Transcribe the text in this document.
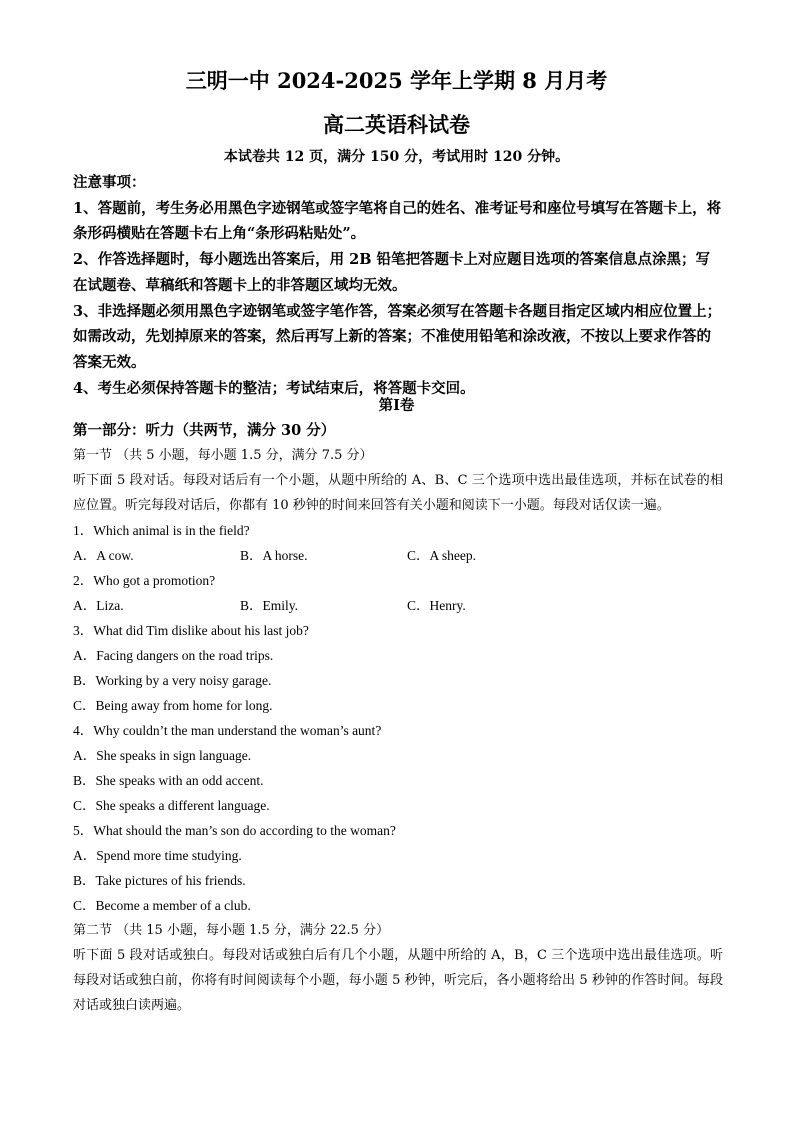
三明一中 2024-2025 学年上学期 8 月月考
高二英语科试卷
本试卷共 12 页，满分 150 分，考试用时 120 分钟。

注意事项：

1、答题前，考生务必用黑色字迹钢笔或签字笔将自己的姓名、准考证号和座位号填写在答题卡上，将条形码横贴在答题卡右上角“条形码粘贴处”。

2、作答选择题时，每小题选出答案后，用 2B 铅笔把答题卡上对应题目选项的答案信息点涂黑；写在试题卷、草稿纸和答题卡上的非答题区域均无效。

3、非选择题必须用黑色字迹钢笔或签字笔作答，答案必须写在答题卡各题目指定区域内相应位置上；如需改动，先划掉原来的答案，然后再写上新的答案；不准使用铅笔和涂改液，不按以上要求作答的答案无效。

4、考生必须保持答题卡的整洁；考试结束后，将答题卡交回。

第Ⅰ卷

第一部分：听力（共两节，满分 30 分）

第一节 （共 5 小题，每小题 1.5 分，满分 7.5 分）

听下面 5 段对话。每段对话后有一个小题，从题中所给的 A、B、C 三个选项中选出最佳选项，并标在试卷的相应位置。听完每段对话后，你都有 10 秒钟的时间来回答有关小题和阅读下一小题。每段对话仅读一遍。

1．Which animal is in the field?

A．A cow.	B．A horse.	C．A sheep.

2．Who got a promotion?

A．Liza.	B．Emily.	C．Henry.

3．What did Tim dislike about his last job?

A．Facing dangers on the road trips.

B．Working by a very noisy garage.

C．Being away from home for long.

4．Why couldn’t the man understand the woman’s aunt?

A．She speaks in sign language.

B．She speaks with an odd accent.

C．She speaks a different language.

5．What should the man’s son do according to the woman?

A．Spend more time studying.

B．Take pictures of his friends.

C．Become a member of a club.

第二节 （共 15 小题，每小题 1.5 分，满分 22.5 分）

听下面 5 段对话或独白。每段对话或独白后有几个小题，从题中所给的 A，B，C 三个选项中选出最佳选项。听每段对话或独白前，你将有时间阅读每个小题，每小题 5 秒钟，听完后，各小题将给出 5 秒钟的作答时间。每段对话或独白读两遍。
